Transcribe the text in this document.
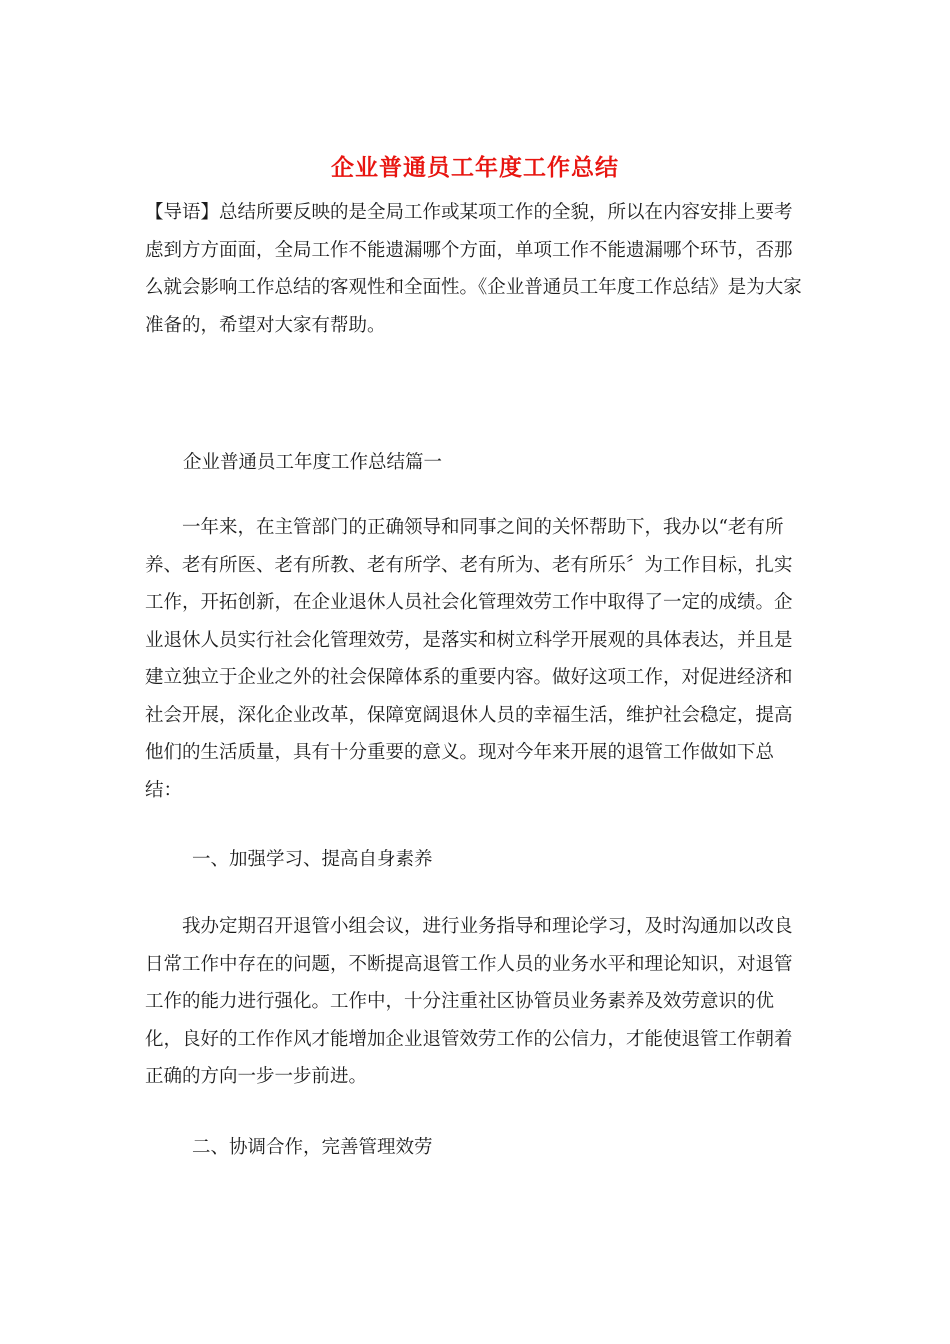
企业普通员工年度工作总结

【导语】总结所要反映的是全局工作或某项工作的全貌，所以在内容安排上要考虑到方方面面，全局工作不能遗漏哪个方面，单项工作不能遗漏哪个环节，否那么就会影响工作总结的客观性和全面性。《企业普通员工年度工作总结》是为大家准备的，希望对大家有帮助。

企业普通员工年度工作总结篇一

一年来，在主管部门的正确领导和同事之间的关怀帮助下，我办以“老有所养、老有所医、老有所教、老有所学、老有所为、老有所乐〞为工作目标，扎实工作，开拓创新，在企业退休人员社会化管理效劳工作中取得了一定的成绩。企业退休人员实行社会化管理效劳，是落实和树立科学开展观的具体表达，并且是建立独立于企业之外的社会保障体系的重要内容。做好这项工作，对促进经济和社会开展，深化企业改革，保障宽阔退休人员的幸福生活，维护社会稳定，提高他们的生活质量，具有十分重要的意义。现对今年来开展的退管工作做如下总结：

一、加强学习、提高自身素养

我办定期召开退管小组会议，进行业务指导和理论学习，及时沟通加以改良日常工作中存在的问题，不断提高退管工作人员的业务水平和理论知识，对退管工作的能力进行强化。工作中，十分注重社区协管员业务素养及效劳意识的优化，良好的工作作风才能增加企业退管效劳工作的公信力，才能使退管工作朝着正确的方向一步一步前进。

二、协调合作，完善管理效劳
